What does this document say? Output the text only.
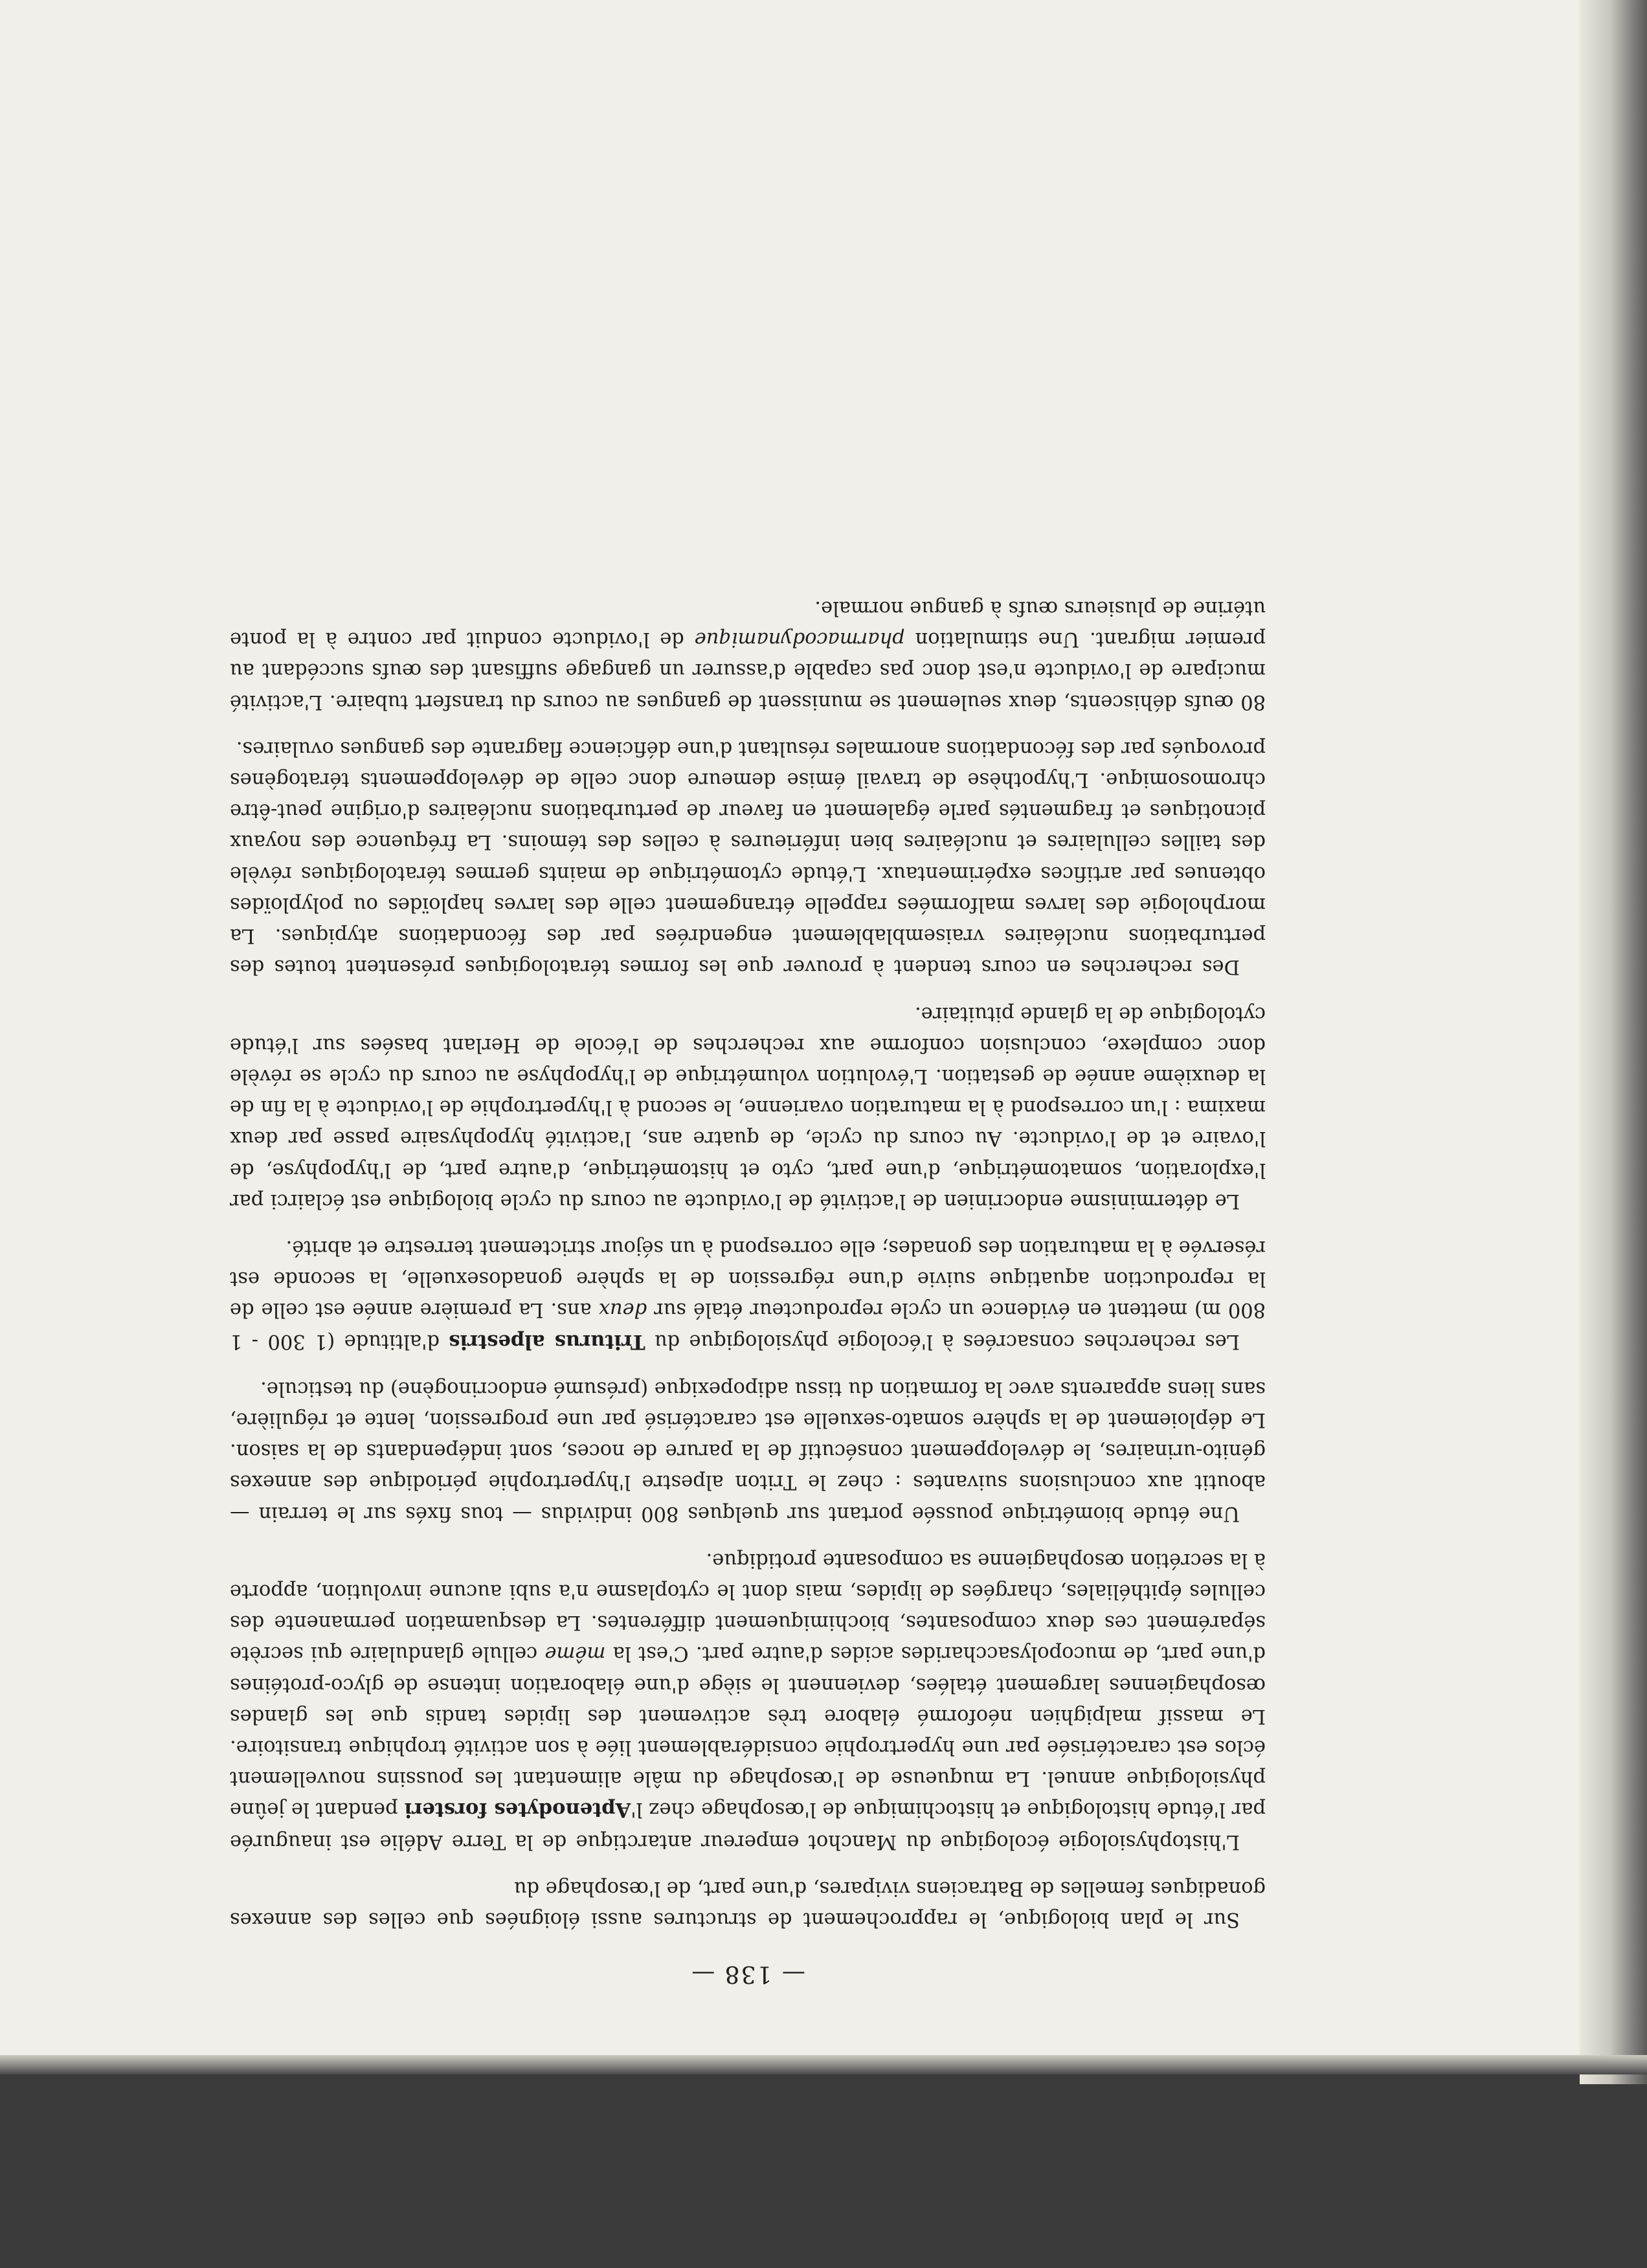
— 138 —

Sur le plan biologique, le rapprochement de structures aussi éloignées que celles des annexes gonadiques femelles de Batraciens vivipares, d'une part, de l'œsophage du

L'histophysiologie écologique du Manchot empereur antarctique de la Terre Adélie est inaugurée par l'étude histologique et histochimique de l'œsophage chez l'Aptenodytes forsteri pendant le jeûne physiologique annuel. La muqueuse de l'œsophage du mâle alimentant les poussins nouvellement éclos est caractérisée par une hypertrophie considérablement liée à son activité trophique transitoire. Le massif malpighien néoformé élabore très activement des lipides tandis que les glandes œsophagiennes largement étalées, deviennent le siège d'une élaboration intense de glyco-protéines d'une part, de mucopolysaccharides acides d'autre part. C'est la même cellule glandulaire qui secrète séparément ces deux composantes, biochimiquement différentes. La desquamation permanente des cellules épithéliales, chargées de lipides, mais dont le cytoplasme n'a subi aucune involution, apporte à la secrétion œsophagienne sa composante protidique.

Une étude biométrique poussée portant sur quelques 800 individus — tous fixés sur le terrain — aboutit aux conclusions suivantes : chez le Triton alpestre l'hypertrophie périodique des annexes génito-urinaires, le développement consécutif de la parure de noces, sont indépendants de la saison. Le déploiement de la sphère somato-sexuelle est caractérisé par une progression, lente et régulière, sans liens apparents avec la formation du tissu adipopexique (présumé endocrinogène) du testicule.

Les recherches consacrées à l'écologie physiologique du Triturus alpestris d'altitude (1 300 - 1 800 m) mettent en évidence un cycle reproducteur étalé sur deux ans. La première année est celle de la reproduction aquatique suivie d'une régression de la sphère gonadosexuelle, la seconde est réservée à la maturation des gonades; elle correspond à un séjour strictement terrestre et abrité.

Le déterminisme endocrinien de l'activité de l'oviducte au cours du cycle biologique est éclairci par l'exploration, somatométrique, d'une part, cyto et histométrique, d'autre part, de l'hypophyse, de l'ovaire et de l'oviducte. Au cours du cycle, de quatre ans, l'activité hypophysaire passe par deux maxima : l'un correspond à la maturation ovarienne, le second à l'hypertrophie de l'oviducte à la fin de la deuxième année de gestation. L'évolution volumétrique de l'hypophyse au cours du cycle se révèle donc complexe, conclusion conforme aux recherches de l'école de Herlant basées sur l'étude cytologique de la glande pituitaire.

Des recherches en cours tendent à prouver que les formes tératologiques présentent toutes des perturbations nucléaires vraisemblablement engendrées par des fécondations atypiques. La morphologie des larves malformées rappelle étrangement celle des larves haploïdes ou polyploïdes obtenues par artifices expérimentaux. L'étude cytométrique de maints germes tératologiques révèle des tailles cellulaires et nucléaires bien inférieures à celles des témoins. La fréquence des noyaux picnotiques et fragmentés parle également en faveur de perturbations nucléaires d'origine peut-être chromosomique. L'hypothèse de travail émise demeure donc celle de développements tératogènes provoqués par des fécondations anormales résultant d'une déficience flagrante des gangues ovulaires.

80 œufs déhiscents, deux seulement se munissent de gangues au cours du transfert tubaire. L'activité mucipare de l'oviducte n'est donc pas capable d'assurer un gangage suffisant des œufs succédant au premier migrant. Une stimulation pharmacodynamique de l'oviducte conduit par contre à la ponte utérine de plusieurs œufs à gangue normale.
